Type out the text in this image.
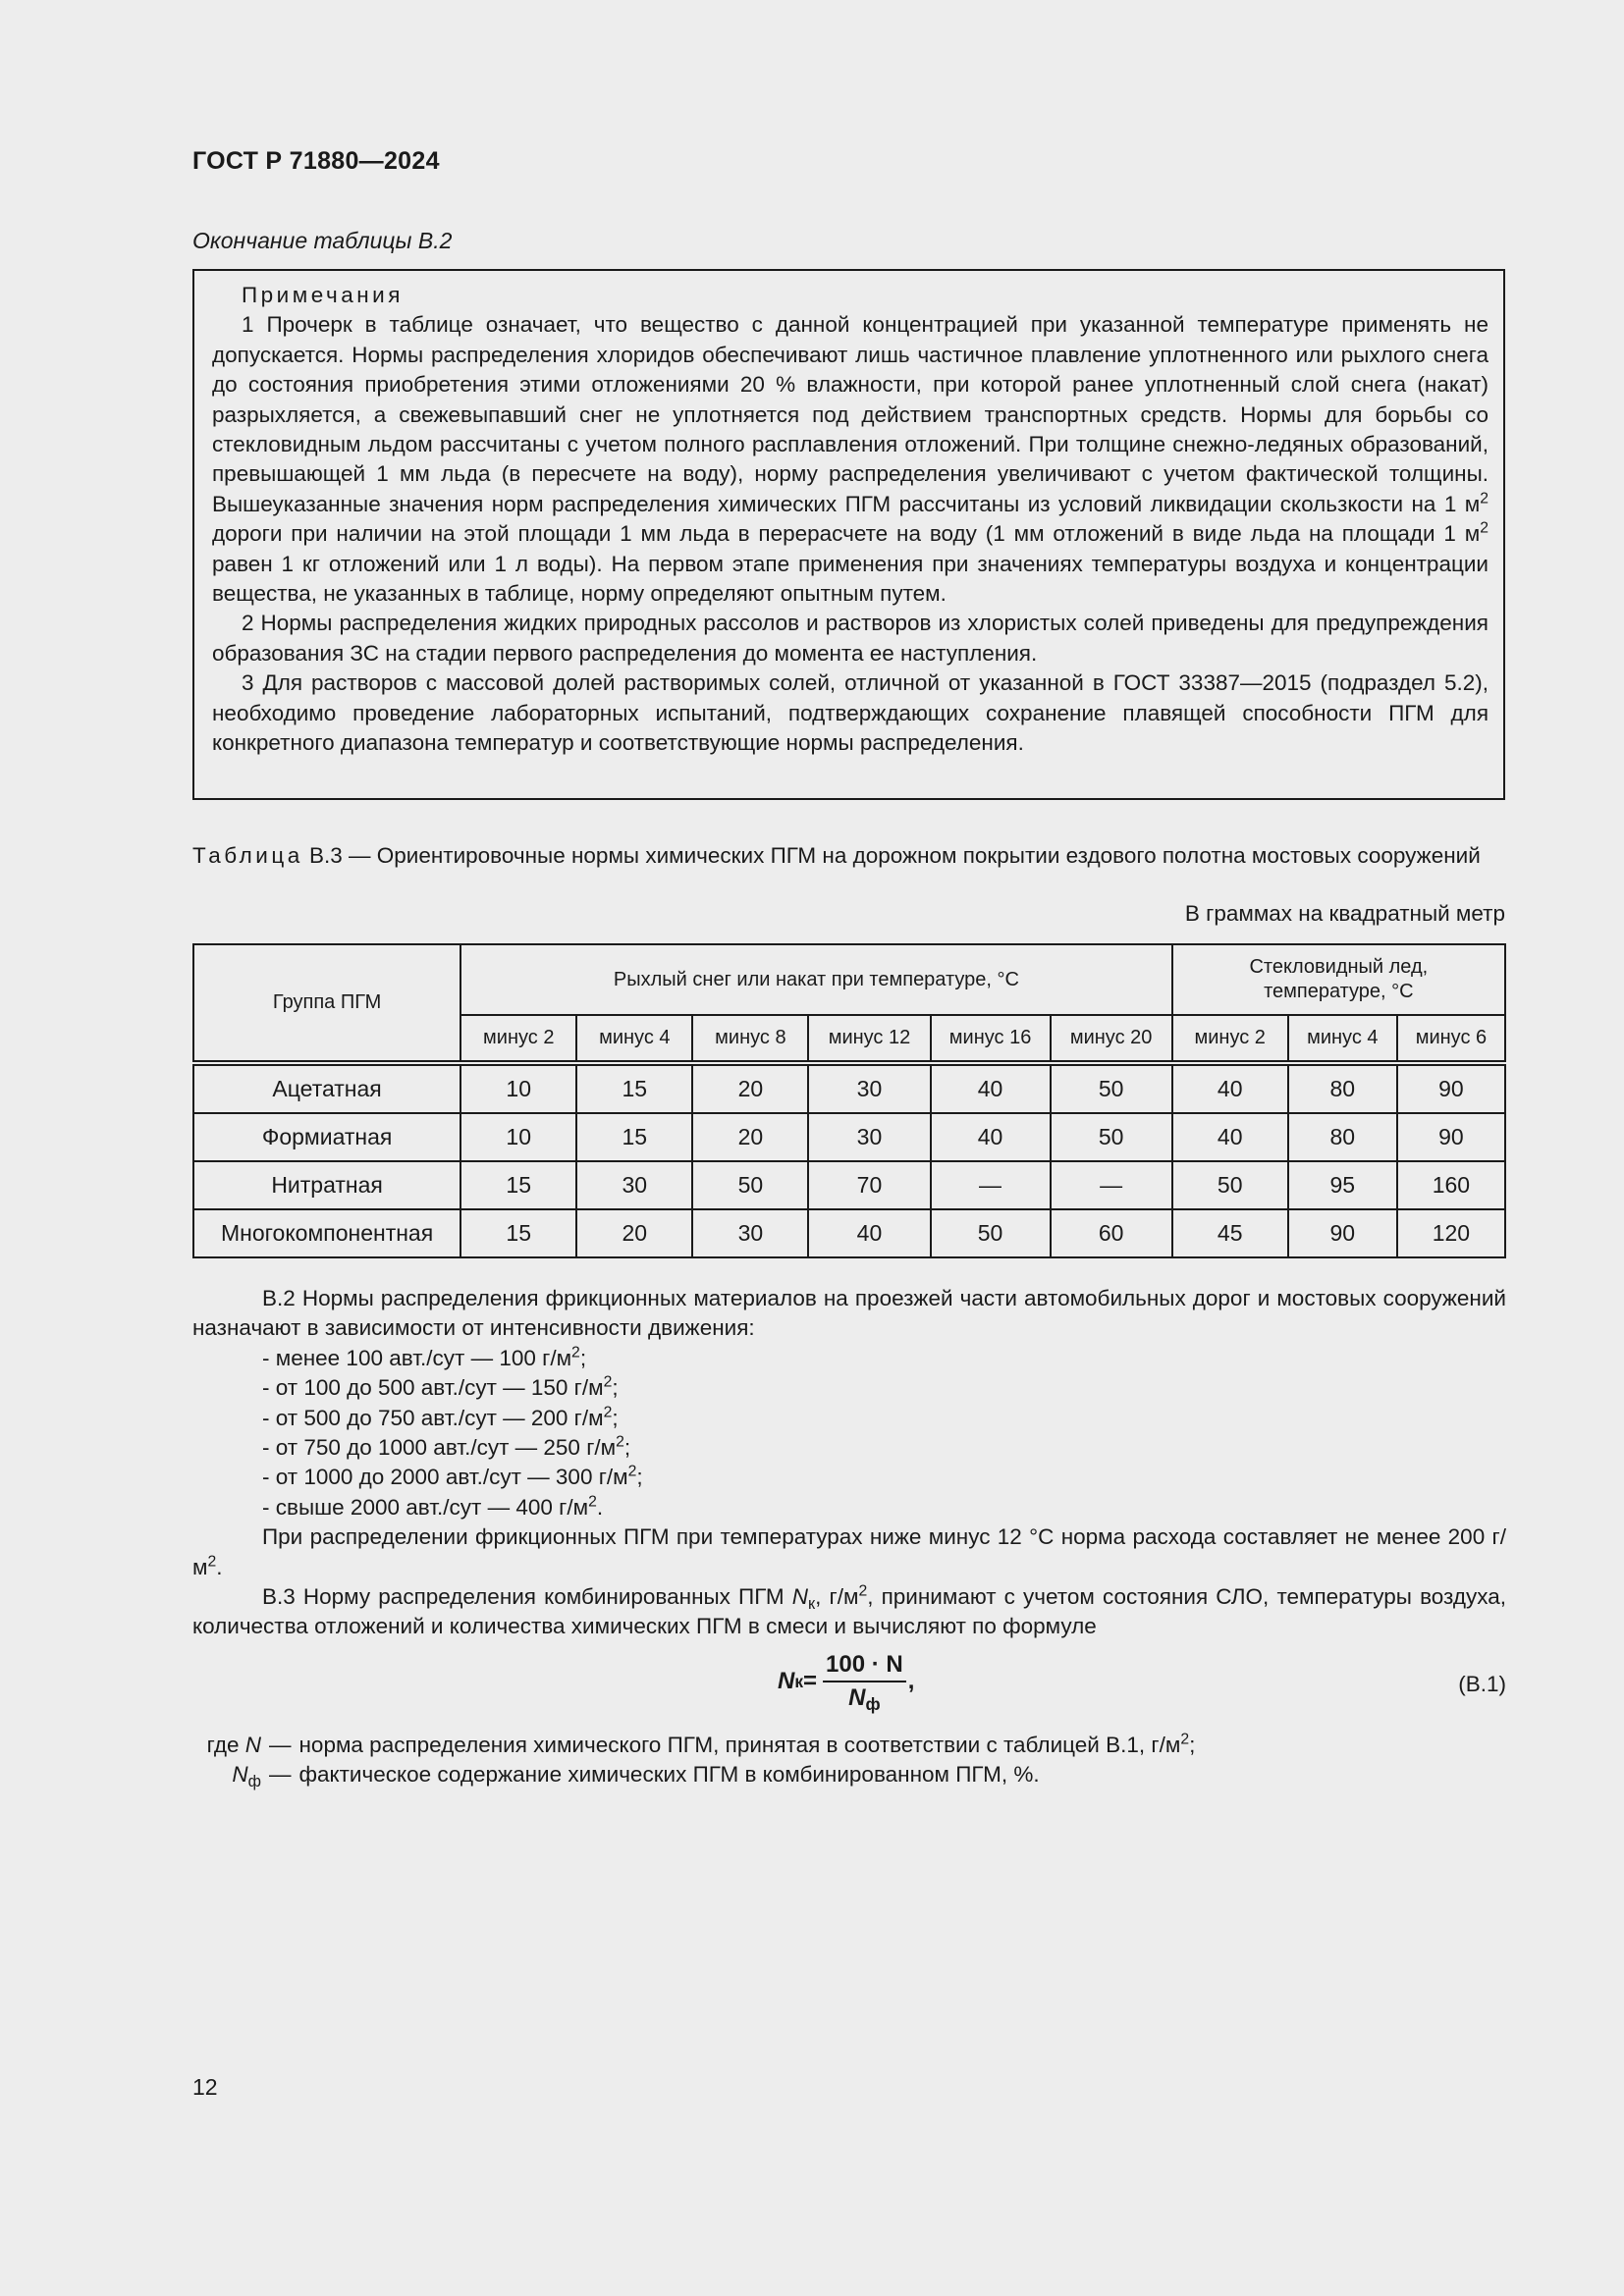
ГОСТ Р 71880—2024
Окончание таблицы В.2

Примечания

1 Прочерк в таблице означает, что вещество с данной концентрацией при указанной температуре применять не допускается. Нормы распределения хлоридов обеспечивают лишь частичное плавление уплотненного или рыхлого снега до состояния приобретения этими отложениями 20 % влажности, при которой ранее уплотненный слой снега (накат) разрыхляется, а свежевыпавший снег не уплотняется под действием транспортных средств. Нормы для борьбы со стекловидным льдом рассчитаны с учетом полного расплавления отложений. При толщине снежно-ледяных образований, превышающей 1 мм льда (в пересчете на воду), норму распределения увеличивают с учетом фактической толщины. Вышеуказанные значения норм распределения химических ПГМ рассчитаны из условий ликвидации скользкости на 1 $м^2$ дороги при наличии на этой площади 1 мм льда в перерасчете на воду (1 мм отложений в виде льда на площади 1 $м^2$ равен 1 кг отложений или 1 л воды). На первом этапе применения при значениях температуры воздуха и концентрации вещества, не указанных в таблице, норму определяют опытным путем.

2 Нормы распределения жидких природных рассолов и растворов из хлористых солей приведены для предупреждения образования ЗС на стадии первого распределения до момента ее наступления.

3 Для растворов с массовой долей растворимых солей, отличной от указанной в ГОСТ 33387—2015 (подраздел 5.2), необходимо проведение лабораторных испытаний, подтверждающих сохранение плавящей способности ПГМ для конкретного диапазона температур и соответствующие нормы распределения.

Таблица В.3 — Ориентировочные нормы химических ПГМ на дорожном покрытии ездового полотна мостовых сооружений
В граммах на квадратный метр
Группа ПГМ	Рыхлый снег или накат при температуре, °С						Стекловидный лед,
температуре, °С		
	минус 2	минус 4	минус 8	минус 12	минус 16	минус 20	минус 2	минус 4	минус 6
Ацетатная	10	15	20	30	40	50	40	80	90
Формиатная	10	15	20	30	40	50	40	80	90
Нитратная	15	30	50	70	—	—	50	95	160
Многокомпонентная	15	20	30	40	50	60	45	90	120

В.2 Нормы распределения фрикционных материалов на проезжей части автомобильных дорог и мостовых сооружений назначают в зависимости от интенсивности движения:

- менее 100 авт./сут — 100 $г/м^2$;
- от 100 до 500 авт./сут — 150 $г/м^2$;
- от 500 до 750 авт./сут — 200 $г/м^2$;
- от 750 до 1000 авт./сут — 250 $г/м^2$;
- от 1000 до 2000 авт./сут — 300 $г/м^2$;
- свыше 2000 авт./сут — 400 $г/м^2$.

При распределении фрикционных ПГМ при температурах ниже минус 12 °С норма расхода составляет не менее 200 $г/м^2$.

В.3 Норму распределения комбинированных ПГМ $N_к$, $г/м^2$, принимают с учетом состояния СЛО, температуры воздуха, количества отложений и количества химических ПГМ в смеси и вычисляют по формуле

N $к = \frac{100 \cdot N}{N_ф}$ ,	(В.1)
где N — норма распределения химического ПГМ, принятая в соответствии с таблицей В.1, $г/м^2$;
$N_ф$ — фактическое содержание химических ПГМ в комбинированном ПГМ, %.
12
